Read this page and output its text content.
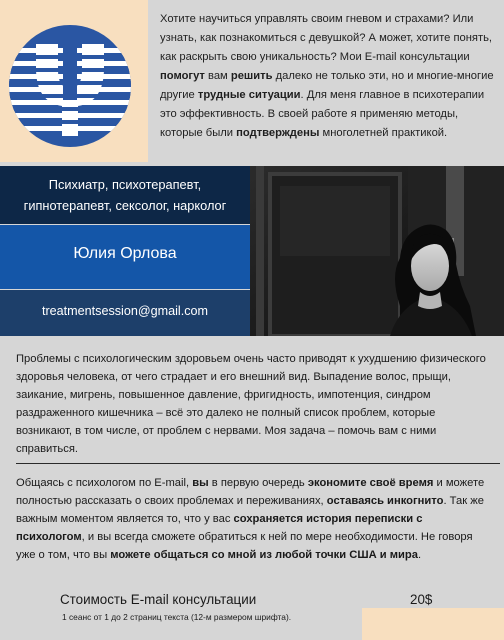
Хотите научиться управлять своим гневом и страхами? Или узнать, как познакомиться с девушкой? А может, хотите понять, как раскрыть свою уникальность? Мои E-mail консультации помогут вам решить далеко не только эти, но и многие-многие другие трудные ситуации. Для меня главное в психотерапии это эффективность. В своей работе я применяю методы, которые были подтверждены многолетней практикой.
Психиатр, психотерапевт,
гипнотерапевт, сексолог, нарколог
Юлия Орлова
treatmentsession@gmail.com
Проблемы с психологическим здоровьем очень часто приводят к ухудшению физического здоровья человека, от чего страдает и его внешний вид. Выпадение волос, прыщи, заикание, мигрень, повышенное давление, фригидность, импотенция, синдром раздраженного кишечника – всё это далеко не полный список проблем, которые возникают, в том числе, от проблем с нервами. Моя задача – помочь вам с ними справиться.
Общаясь с психологом по E-mail, вы в первую очередь экономите своё время и можете полностью рассказать о своих проблемах и переживаниях, оставаясь инкогнито. Так же важным моментом является то, что у вас сохраняется история переписки с психологом, и вы всегда сможете обратиться к ней по мере необходимости. Не говоря уже о том, что вы можете общаться со мной из любой точки США и мира.
Стоимость E-mail консультации	20$
1 сеанс от 1 до 2 страниц текста (12-м размером шрифта).
